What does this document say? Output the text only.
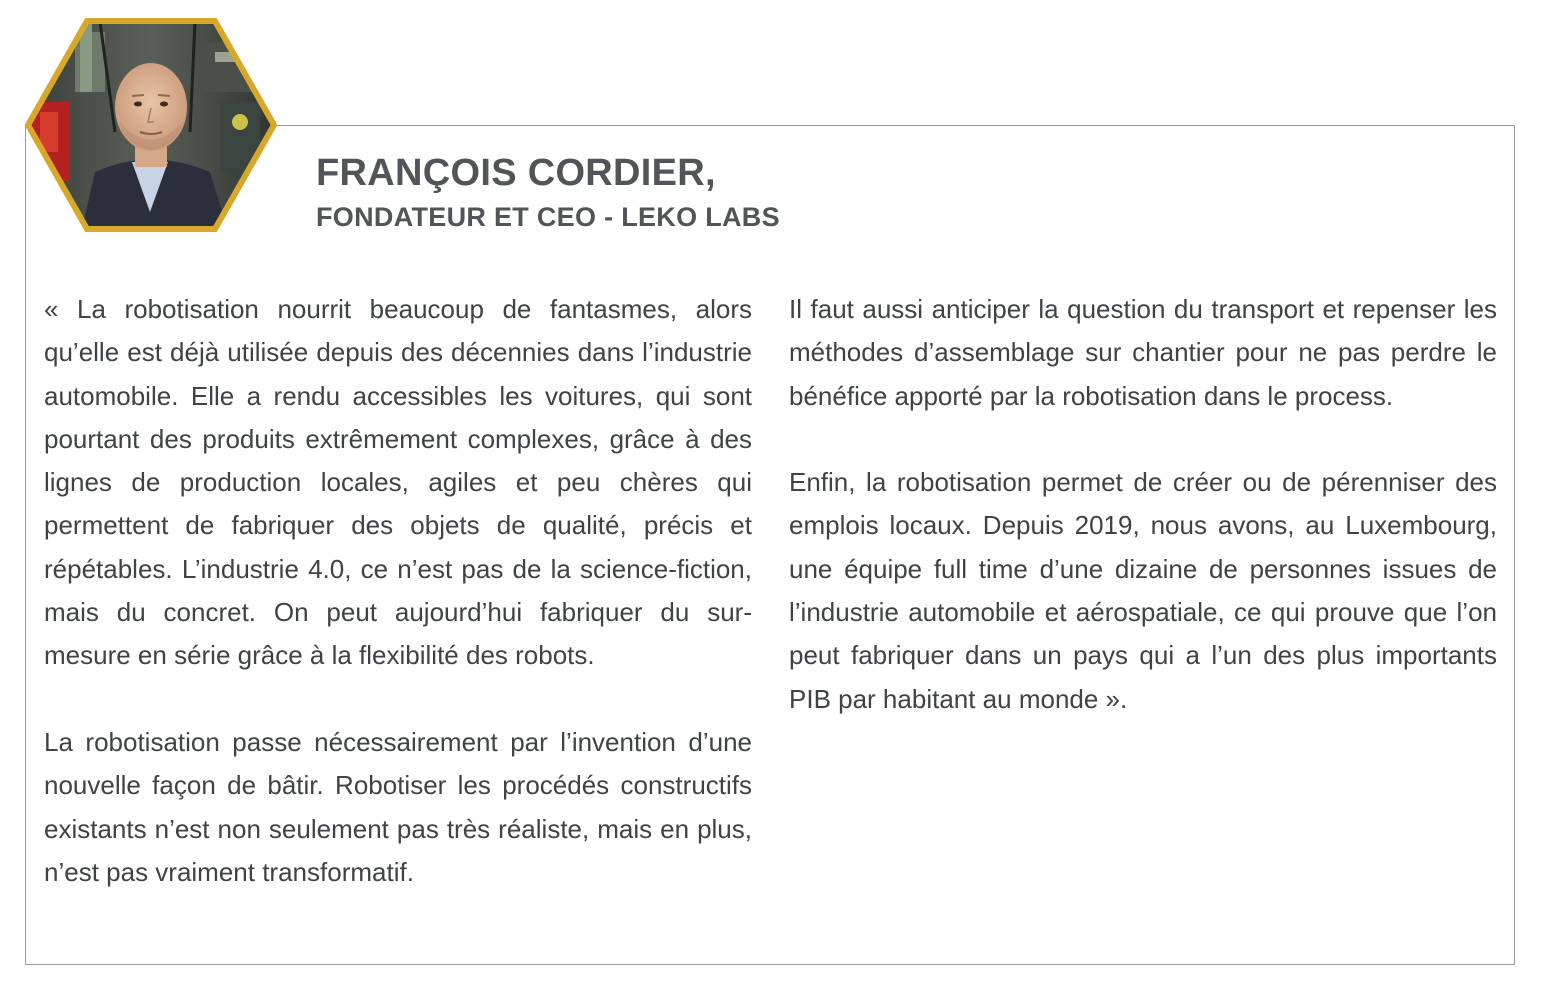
FRANÇOIS CORDIER,
FONDATEUR ET CEO - LEKO LABS

« La robotisation nourrit beaucoup de fantasmes, alors qu’elle est déjà utilisée depuis des décennies dans l’industrie automobile. Elle a rendu accessibles les voitures, qui sont pourtant des produits extrêmement complexes, grâce à des lignes de production locales, agiles et peu chères qui permettent de fabriquer des objets de qualité, précis et répétables. L’industrie 4.0, ce n’est pas de la science-fiction, mais du concret. On peut aujourd’hui fabriquer du sur-mesure en série grâce à la flexibilité des robots.

La robotisation passe nécessairement par l’invention d’une nouvelle façon de bâtir. Robotiser les procédés constructifs existants n’est non seulement pas très réaliste, mais en plus, n’est pas vraiment transformatif.

Il faut aussi anticiper la question du transport et repenser les méthodes d’assemblage sur chantier pour ne pas perdre le bénéfice apporté par la robotisation dans le process.

Enfin, la robotisation permet de créer ou de pérenniser des emplois locaux. Depuis 2019, nous avons, au Luxembourg, une équipe full time d’une dizaine de personnes issues de l’industrie automobile et aérospatiale, ce qui prouve que l’on peut fabriquer dans un pays qui a l’un des plus importants PIB par habitant au monde ».
